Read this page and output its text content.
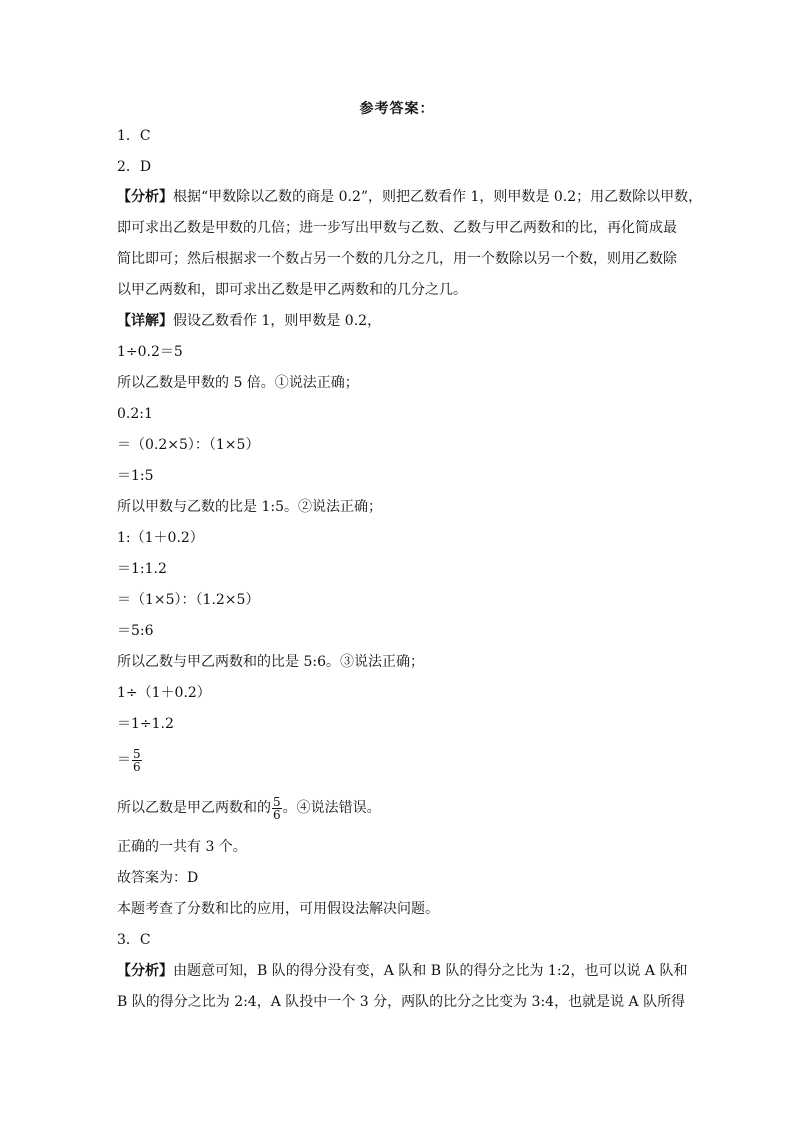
参考答案：
1．C
2．D
【分析】根据“甲数除以乙数的商是 0.2”，则把乙数看作 1，则甲数是 0.2；用乙数除以甲数，
即可求出乙数是甲数的几倍；进一步写出甲数与乙数、乙数与甲乙两数和的比，再化简成最
简比即可；然后根据求一个数占另一个数的几分之几，用一个数除以另一个数，则用乙数除
以甲乙两数和，即可求出乙数是甲乙两数和的几分之几。
【详解】假设乙数看作 1，则甲数是 0.2，
1÷0.2＝5
所以乙数是甲数的 5 倍。①说法正确；
0.2:1
＝（0.2×5）：（1×5）
＝1:5
所以甲数与乙数的比是 1:5。②说法正确；
1:（1＋0.2）
＝1:1.2
＝（1×5）：（1.2×5）
＝5:6
所以乙数与甲乙两数和的比是 5:6。③说法正确；
1÷（1＋0.2）
＝1÷1.2
＝ $\frac{5}{6}$
所以乙数是甲乙两数和的 $\frac{5}{6}$ 。④说法错误。
正确的一共有 3 个。
故答案为：D
本题考查了分数和比的应用，可用假设法解决问题。
3．C
【分析】由题意可知，B 队的得分没有变，A 队和 B 队的得分之比为 1:2，也可以说 A 队和
B 队的得分之比为 2:4，A 队投中一个 3 分，两队的比分之比变为 3:4，也就是说 A 队所得
